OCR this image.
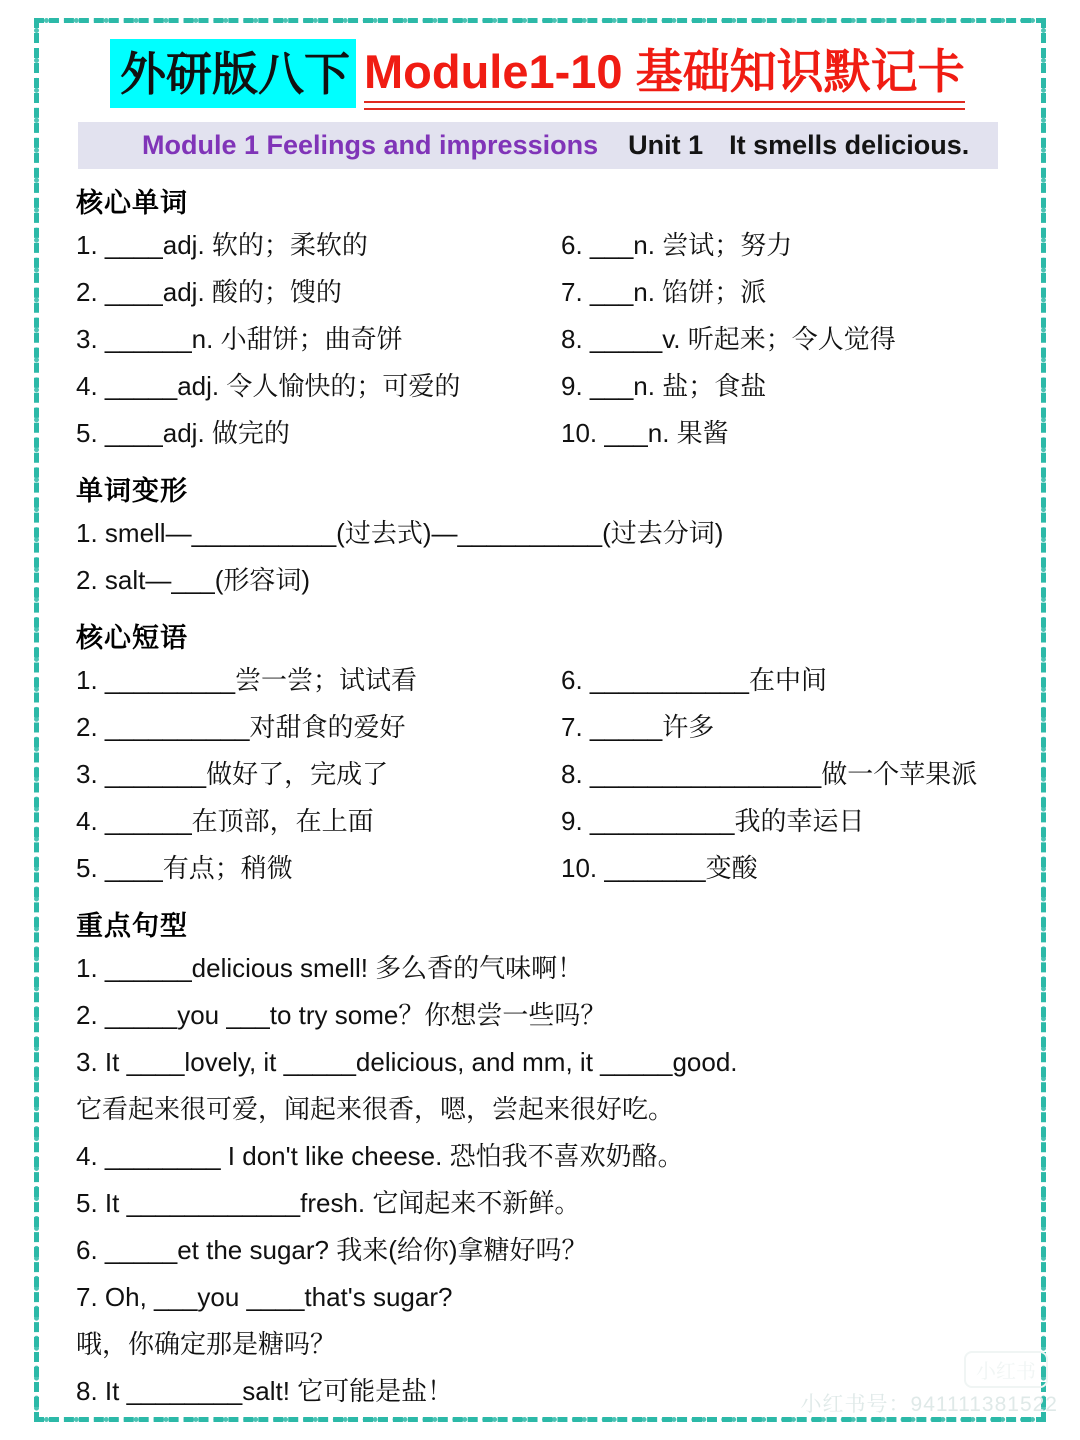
外研版八下 Module1-10 基础知识默记卡
Module 1 Feelings and impressions Unit 1 It smells delicious.
核心单词
1. ____adj. 软的；柔软的	6. ___n. 尝试；努力
2. ____adj. 酸的；馊的	7. ___n. 馅饼；派
3. ______n. 小甜饼；曲奇饼	8. _____v. 听起来；令人觉得
4. _____adj. 令人愉快的；可爱的	9. ___n. 盐；食盐
5. ____adj. 做完的	10. ___n. 果酱
单词变形
1. smell—__________(过去式)—__________(过去分词)
2. salt—___(形容词)
核心短语
1. _________尝一尝；试试看	6. ___________在中间
2. __________对甜食的爱好	7. _____许多
3. _______做好了，完成了	8. ________________做一个苹果派
4. ______在顶部，在上面	9. __________我的幸运日
5. ____有点；稍微	10. _______变酸
重点句型
1. ______delicious smell! 多么香的气味啊！
2. _____you ___to try some？你想尝一些吗？
3. It ____lovely, it _____delicious, and mm, it _____good.
它看起来很可爱，闻起来很香，嗯，尝起来很好吃。
4. ________ I don't like cheese. 恐怕我不喜欢奶酪。
5. It ____________fresh. 它闻起来不新鲜。
6. _____et the sugar? 我来(给你)拿糖好吗？
7. Oh, ___you ____that's sugar?
哦，你确定那是糖吗？
8. It ________salt! 它可能是盐！
小红书
小红书号：941111381522
